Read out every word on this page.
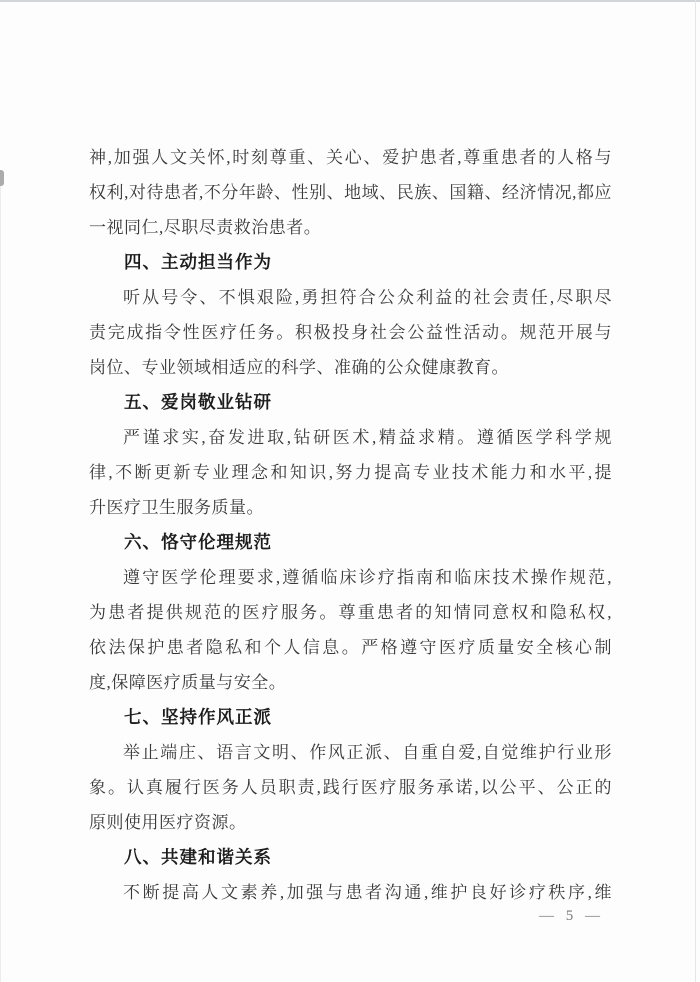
神,加强人文关怀,时刻尊重、关心、爱护患者,尊重患者的人格与
权利,对待患者,不分年龄、性别、地域、民族、国籍、经济情况,都应
一视同仁,尽职尽责救治患者。
四、主动担当作为
听从号令、不惧艰险,勇担符合公众利益的社会责任,尽职尽
责完成指令性医疗任务。积极投身社会公益性活动。规范开展与
岗位、专业领域相适应的科学、准确的公众健康教育。
五、爱岗敬业钻研
严谨求实,奋发进取,钻研医术,精益求精。遵循医学科学规
律,不断更新专业理念和知识,努力提高专业技术能力和水平,提
升医疗卫生服务质量。
六、恪守伦理规范
遵守医学伦理要求,遵循临床诊疗指南和临床技术操作规范,
为患者提供规范的医疗服务。尊重患者的知情同意权和隐私权,
依法保护患者隐私和个人信息。严格遵守医疗质量安全核心制
度,保障医疗质量与安全。
七、坚持作风正派
举止端庄、语言文明、作风正派、自重自爱,自觉维护行业形
象。认真履行医务人员职责,践行医疗服务承诺,以公平、公正的
原则使用医疗资源。
八、共建和谐关系
不断提高人文素养,加强与患者沟通,维护良好诊疗秩序,维
— 5 —
